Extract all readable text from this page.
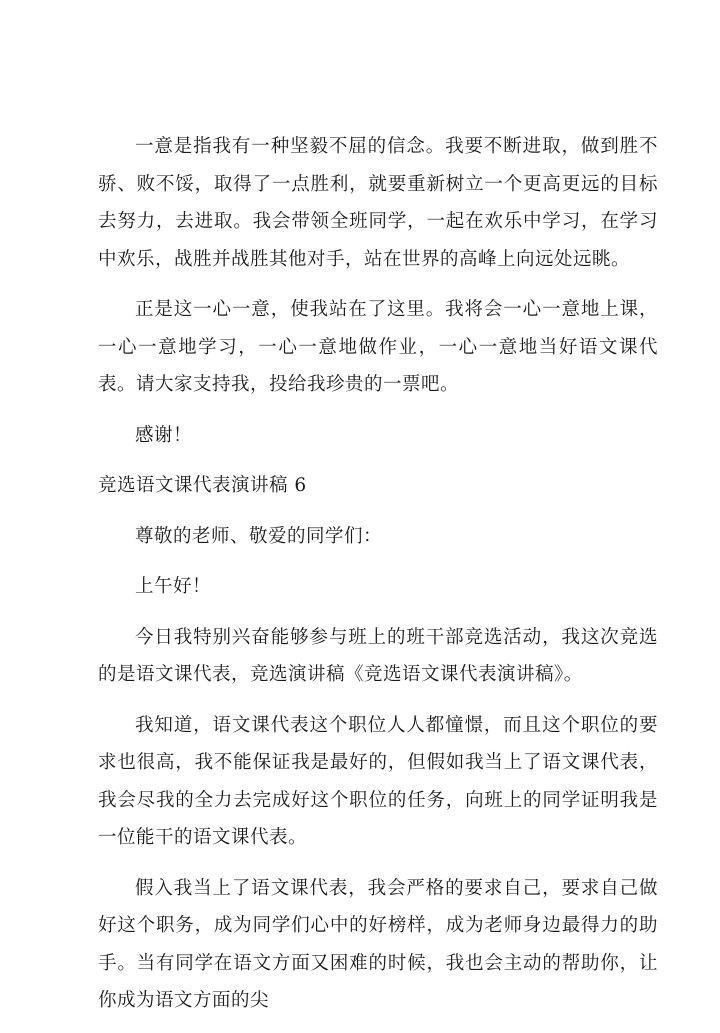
一意是指我有一种坚毅不屈的信念。我要不断进取，做到胜不骄、败不馁，取得了一点胜利，就要重新树立一个更高更远的目标去努力，去进取。我会带领全班同学，一起在欢乐中学习，在学习中欢乐，战胜并战胜其他对手，站在世界的高峰上向远处远眺。

正是这一心一意，使我站在了这里。我将会一心一意地上课，一心一意地学习，一心一意地做作业，一心一意地当好语文课代表。请大家支持我，投给我珍贵的一票吧。

感谢！

竞选语文课代表演讲稿 6

尊敬的老师、敬爱的同学们：

上午好！

今日我特别兴奋能够参与班上的班干部竞选活动，我这次竞选的是语文课代表，竞选演讲稿《竞选语文课代表演讲稿》。

我知道，语文课代表这个职位人人都憧憬，而且这个职位的要求也很高，我不能保证我是最好的，但假如我当上了语文课代表，我会尽我的全力去完成好这个职位的任务，向班上的同学证明我是一位能干的语文课代表。

假入我当上了语文课代表，我会严格的要求自己，要求自己做好这个职务，成为同学们心中的好榜样，成为老师身边最得力的助手。当有同学在语文方面又困难的时候，我也会主动的帮助你，让你成为语文方面的尖
